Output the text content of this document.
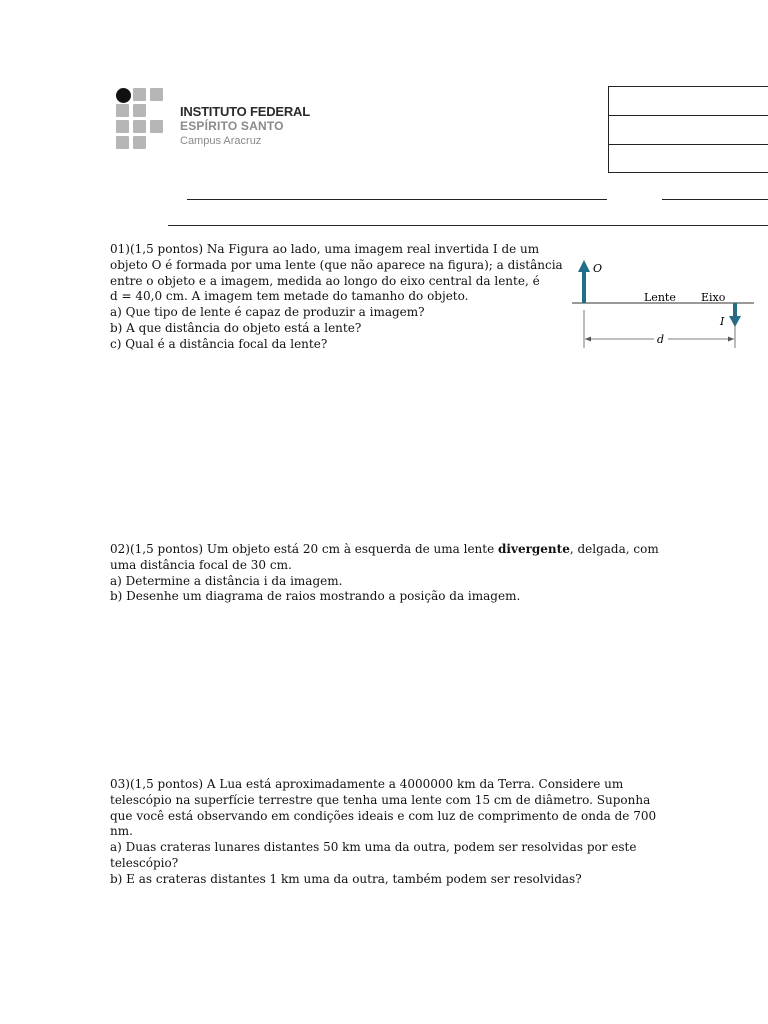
INSTITUTO FEDERAL
ESPÍRITO SANTO
Campus Aracruz

01)(1,5 pontos) Na Figura ao lado, uma imagem real invertida I de um

objeto O é formada por uma lente (que não aparece na figura); a distância

entre o objeto e a imagem, medida ao longo do eixo central da lente, é

d = 40,0 cm. A imagem tem metade do tamanho do objeto.

a) Que tipo de lente é capaz de produzir a imagem?

b) A que distância do objeto está a lente?

c) Qual é a distância focal da lente?

O
Lente Eixo
I
d

02)(1,5 pontos) Um objeto está 20 cm à esquerda de uma lente divergente, delgada, com

uma distância focal de 30 cm.

a) Determine a distância i da imagem.

b) Desenhe um diagrama de raios mostrando a posição da imagem.

03)(1,5 pontos) A Lua está aproximadamente a 4000000 km da Terra. Considere um

telescópio na superfície terrestre que tenha uma lente com 15 cm de diâmetro. Suponha

que você está observando em condições ideais e com luz de comprimento de onda de 700

nm.

a) Duas crateras lunares distantes 50 km uma da outra, podem ser resolvidas por este

telescópio?

b) E as crateras distantes 1 km uma da outra, também podem ser resolvidas?
